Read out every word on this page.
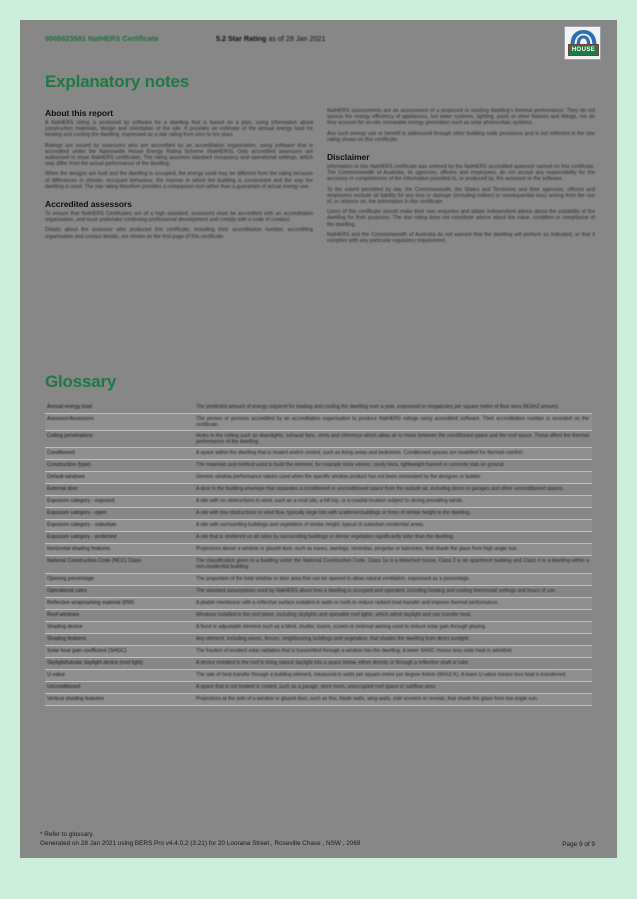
0005623581 NatHERS Certificate	5.2 Star Rating as of 28 Jan 2021
HOUSE
Explanatory notes
About this report
A NatHERS rating is produced by software for a dwelling that is based on a plan, using information about construction materials, design and orientation of the site. It provides an estimate of the annual energy load for heating and cooling the dwelling, expressed as a star rating from zero to ten stars.
Ratings are issued by assessors who are accredited by an accreditation organisation, using software that is accredited under the Nationwide House Energy Rating Scheme (NatHERS). Only accredited assessors are authorised to issue NatHERS certificates. The rating assumes standard occupancy and operational settings, which may differ from the actual performance of the dwelling.
When the designs are built and the dwelling is occupied, the energy used may be different from the rating because of differences in climate, occupant behaviour, the manner in which the building is constructed and the way the dwelling is used. The star rating therefore provides a comparison tool rather than a guarantee of actual energy use.
Accredited assessors
To ensure that NatHERS Certificates are of a high standard, assessors must be accredited with an accreditation organisation, and must undertake continuing professional development and comply with a code of conduct.
Details about the assessor who produced this certificate, including their accreditation number, accrediting organisation and contact details, are shown on the first page of this certificate.
NatHERS assessments are an assessment of a proposed or existing dwelling's thermal performance. They do not assess the energy efficiency of appliances, hot water systems, lighting, pools or other fixtures and fittings, nor do they account for on-site renewable energy generation such as solar photovoltaic systems.
Any such energy use or benefit is addressed through other building code provisions and is not reflected in the star rating shown on this certificate.
Disclaimer
Information in this NatHERS certificate was entered by the NatHERS accredited assessor named on this certificate. The Commonwealth of Australia, its agencies, officers and employees, do not accept any responsibility for the accuracy or completeness of the information provided to, or produced by, the assessor or the software.
To the extent permitted by law, the Commonwealth, the States and Territories and their agencies, officers and employees exclude all liability for any loss or damage (including indirect or consequential loss) arising from the use of, or reliance on, the information in this certificate.
Users of this certificate should make their own enquiries and obtain independent advice about the suitability of the dwelling for their purposes. The star rating does not constitute advice about the value, condition or compliance of the dwelling.
NatHERS and the Commonwealth of Australia do not warrant that the dwelling will perform as indicated, or that it complies with any particular regulatory requirement.
Glossary
Annual energy load	The predicted amount of energy required for heating and cooling the dwelling over a year, expressed in megajoules per square metre of floor area (MJ/m2.annum).
Assessor/Assessors	The person or persons accredited by an accreditation organisation to produce NatHERS ratings using accredited software. Their accreditation number is recorded on the certificate.
Ceiling penetrations	Holes in the ceiling such as downlights, exhaust fans, vents and chimneys which allow air to move between the conditioned space and the roof space. These affect the thermal performance of the dwelling.
Conditioned	A space within the dwelling that is heated and/or cooled, such as living areas and bedrooms. Conditioned spaces are modelled for thermal comfort.
Construction (type)	The materials and method used to build the element, for example brick veneer, cavity brick, lightweight framed or concrete slab on ground.
Default windows	Generic window performance values used when the specific window product has not been nominated by the designer or builder.
External door	A door in the building envelope that separates a conditioned or unconditioned space from the outside air, including doors to garages and other unconditioned spaces.
Exposure category - exposed	A site with no obstructions to wind, such as a rural site, a hill top, or a coastal location subject to strong prevailing winds.
Exposure category - open	A site with few obstructions to wind flow, typically large lots with scattered buildings or trees of similar height to the dwelling.
Exposure category - suburban	A site with surrounding buildings and vegetation of similar height, typical of suburban residential areas.
Exposure category - protected	A site that is sheltered on all sides by surrounding buildings or dense vegetation significantly taller than the dwelling.
Horizontal shading features	Projections above a window or glazed door, such as eaves, awnings, verandas, pergolas or balconies, that shade the glass from high angle sun.
National Construction Code (NCC) Class	The classification given to a building under the National Construction Code. Class 1a is a detached house, Class 2 is an apartment building and Class 4 is a dwelling within a non-residential building.
Opening percentage	The proportion of the total window or door area that can be opened to allow natural ventilation, expressed as a percentage.
Operational rates	The standard assumptions used by NatHERS about how a dwelling is occupied and operated, including heating and cooling thermostat settings and hours of use.
Reflective wrap/sarking material (RW)	A pliable membrane with a reflective surface installed in walls or roofs to reduce radiant heat transfer and improve thermal performance.
Roof windows	Windows installed in the roof plane, including skylights and openable roof lights, which admit daylight and can transfer heat.
Shading device	A fixed or adjustable element such as a blind, shutter, louvre, screen or external awning used to reduce solar gain through glazing.
Shading features	Any element, including eaves, fences, neighbouring buildings and vegetation, that shades the dwelling from direct sunlight.
Solar heat gain coefficient (SHGC)	The fraction of incident solar radiation that is transmitted through a window into the dwelling. A lower SHGC means less solar heat is admitted.
Skylight/tubular daylight device (roof light)	A device installed in the roof to bring natural daylight into a space below, either directly or through a reflective shaft or tube.
U-value	The rate of heat transfer through a building element, measured in watts per square metre per degree Kelvin (W/m2.K). A lower U-value means less heat is transferred.
Unconditioned	A space that is not heated or cooled, such as a garage, store room, unoccupied roof space or subfloor area.
Vertical shading features	Projections at the side of a window or glazed door, such as fins, blade walls, wing walls, side screens or reveals, that shade the glass from low angle sun.
* Refer to glossary.
Generated on 28 Jan 2021 using BERS Pro v4.4.0.2 (3.21) for 20 Loorana Street , Roseville Chase , NSW , 2069	Page 9 of 9
